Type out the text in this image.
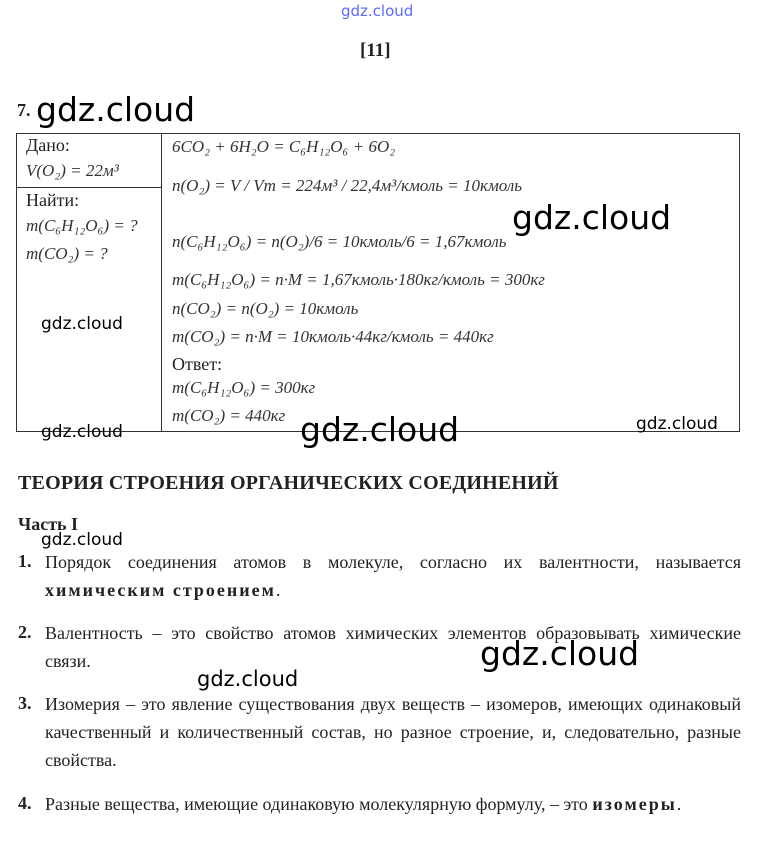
gdz.cloud
[11]
7.
Дано:
V(O₂) = 22м³
Найти:
m(C₆H₁₂O₆) = ?
m(CO₂) = ?
6CO₂ + 6H₂O = C₆H₁₂O₆ + 6O₂
n(O₂) = V / Vm = 224м³ / 22,4м³/кмоль = 10кмоль
n(C₆H₁₂O₆) = n(O₂)/6 = 10кмоль/6 = 1,67кмоль
m(C₆H₁₂O₆) = n·M = 1,67кмоль·180кг/кмоль = 300кг
n(CO₂) = n(O₂) = 10кмоль
m(CO₂) = n·M = 10кмоль·44кг/кмоль = 440кг
Ответ:
m(C₆H₁₂O₆) = 300кг
m(CO₂) = 440кг
ТЕОРИЯ СТРОЕНИЯ ОРГАНИЧЕСКИХ СОЕДИНЕНИЙ
Часть I
1. Порядок соединения атомов в молекуле, согласно их валентности, называется химическим строением.
2. Валентность – это свойство атомов химических элементов образовывать химические связи.
3. Изомерия – это явление существования двух веществ – изомеров, имеющих одинаковый качественный и количественный состав, но разное строение, и, следовательно, разные свойства.
4. Разные вещества, имеющие одинаковую молекулярную формулу, – это изомеры.
gdz.cloud
gdz.cloud
gdz.cloud
gdz.cloud	gdz.cloud	gdz.cloud
gdz.cloud
gdz.cloud
gdz.cloud
